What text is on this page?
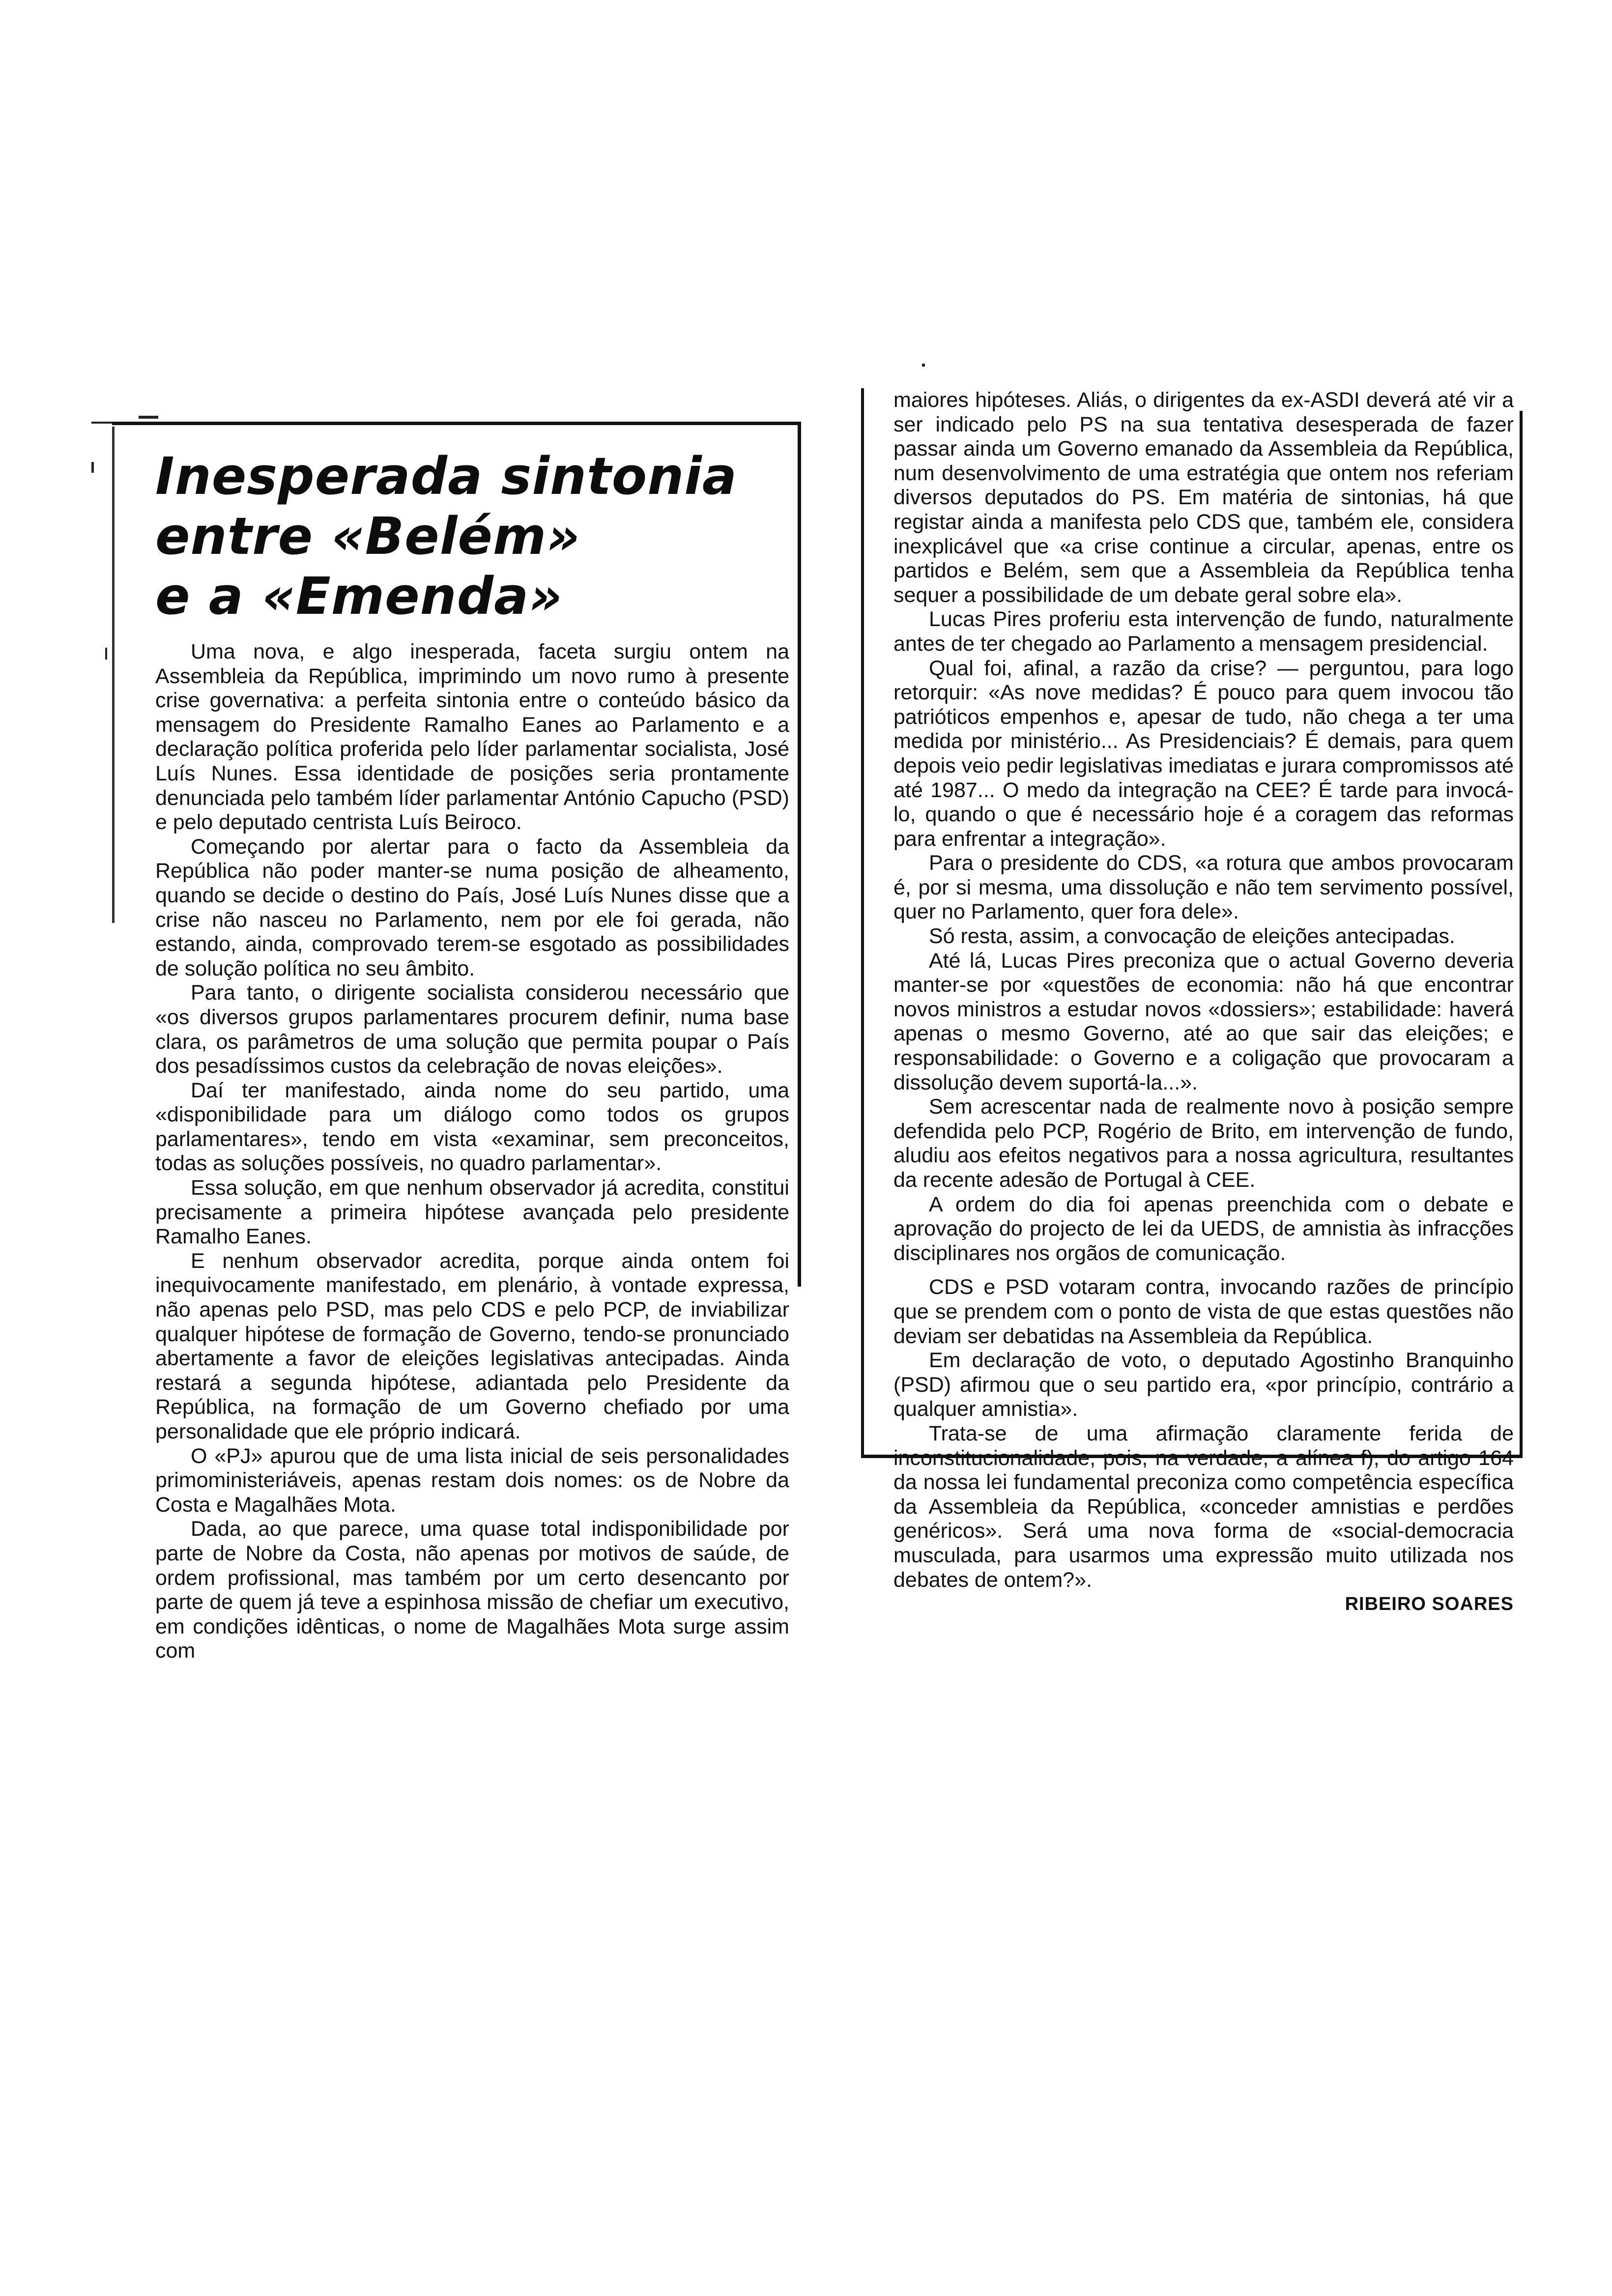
Inesperada sintonia
entre «Belém»
e a «Emenda»

Uma nova, e algo inesperada, faceta surgiu ontem na Assembleia da República, imprimindo um novo rumo à presente crise governativa: a perfeita sintonia entre o conteúdo básico da mensagem do Presidente Ramalho Eanes ao Parlamento e a declaração política proferida pelo líder parlamentar socialista, José Luís Nunes. Essa identidade de posições seria prontamente denunciada pelo também líder parlamentar António Capucho (PSD) e pelo deputado centrista Luís Beiroco.

Começando por alertar para o facto da Assembleia da República não poder manter-se numa posição de alheamento, quando se decide o destino do País, José Luís Nunes disse que a crise não nasceu no Parlamento, nem por ele foi gerada, não estando, ainda, comprovado terem-se esgotado as possibilidades de solução política no seu âmbito.

Para tanto, o dirigente socialista considerou necessário que «os diversos grupos parlamentares procurem definir, numa base clara, os parâmetros de uma solução que permita poupar o País dos pesadíssimos custos da celebração de novas eleições».

Daí ter manifestado, ainda nome do seu partido, uma «disponibilidade para um diálogo como todos os grupos parlamentares», tendo em vista «examinar, sem preconceitos, todas as soluções possíveis, no quadro parlamentar».

Essa solução, em que nenhum observador já acredita, constitui precisamente a primeira hipótese avançada pelo presidente Ramalho Eanes.

E nenhum observador acredita, porque ainda ontem foi inequivocamente manifestado, em plenário, à vontade expressa, não apenas pelo PSD, mas pelo CDS e pelo PCP, de inviabilizar qualquer hipótese de formação de Governo, tendo-se pronunciado abertamente a favor de eleições legislativas antecipadas. Ainda restará a segunda hipótese, adiantada pelo Presidente da República, na formação de um Governo chefiado por uma personalidade que ele próprio indicará.

O «PJ» apurou que de uma lista inicial de seis personalidades primoministeriáveis, apenas restam dois nomes: os de Nobre da Costa e Magalhães Mota.

Dada, ao que parece, uma quase total indisponibilidade por parte de Nobre da Costa, não apenas por motivos de saúde, de ordem profissional, mas também por um certo desencanto por parte de quem já teve a espinhosa missão de chefiar um executivo, em condições idênticas, o nome de Magalhães Mota surge assim com

maiores hipóteses. Aliás, o dirigentes da ex-ASDI deverá até vir a ser indicado pelo PS na sua tentativa desesperada de fazer passar ainda um Governo emanado da Assembleia da República, num desenvolvimento de uma estratégia que ontem nos referiam diversos deputados do PS. Em matéria de sintonias, há que registar ainda a manifesta pelo CDS que, também ele, considera inexplicável que «a crise continue a circular, apenas, entre os partidos e Belém, sem que a Assembleia da República tenha sequer a possibilidade de um debate geral sobre ela».

Lucas Pires proferiu esta intervenção de fundo, naturalmente antes de ter chegado ao Parlamento a mensagem presidencial.

Qual foi, afinal, a razão da crise? — perguntou, para logo retorquir: «As nove medidas? É pouco para quem invocou tão patrióticos empenhos e, apesar de tudo, não chega a ter uma medida por ministério... As Presidenciais? É demais, para quem depois veio pedir legislativas imediatas e jurara compromissos até até 1987... O medo da integração na CEE? É tarde para invocá-lo, quando o que é necessário hoje é a coragem das reformas para enfrentar a integração».

Para o presidente do CDS, «a rotura que ambos provocaram é, por si mesma, uma dissolução e não tem servimento possível, quer no Parlamento, quer fora dele».

Só resta, assim, a convocação de eleições antecipadas.

Até lá, Lucas Pires preconiza que o actual Governo deveria manter-se por «questões de economia: não há que encontrar novos ministros a estudar novos «dossiers»; estabilidade: haverá apenas o mesmo Governo, até ao que sair das eleições; e responsabilidade: o Governo e a coligação que provocaram a dissolução devem suportá-la...».

Sem acrescentar nada de realmente novo à posição sempre defendida pelo PCP, Rogério de Brito, em intervenção de fundo, aludiu aos efeitos negativos para a nossa agricultura, resultantes da recente adesão de Portugal à CEE.

A ordem do dia foi apenas preenchida com o debate e aprovação do projecto de lei da UEDS, de amnistia às infracções disciplinares nos orgãos de comunicação.

CDS e PSD votaram contra, invocando razões de princípio que se prendem com o ponto de vista de que estas questões não deviam ser debatidas na Assembleia da República.

Em declaração de voto, o deputado Agostinho Branquinho (PSD) afirmou que o seu partido era, «por princípio, contrário a qualquer amnistia».

Trata-se de uma afirmação claramente ferida de inconstitucionalidade, pois, na verdade, a alínea f), do artigo 164 da nossa lei fundamental preconiza como competência específica da Assembleia da República, «conceder amnistias e perdões genéricos». Será uma nova forma de «social-democracia musculada, para usarmos uma expressão muito utilizada nos debates de ontem?».

RIBEIRO SOARES
